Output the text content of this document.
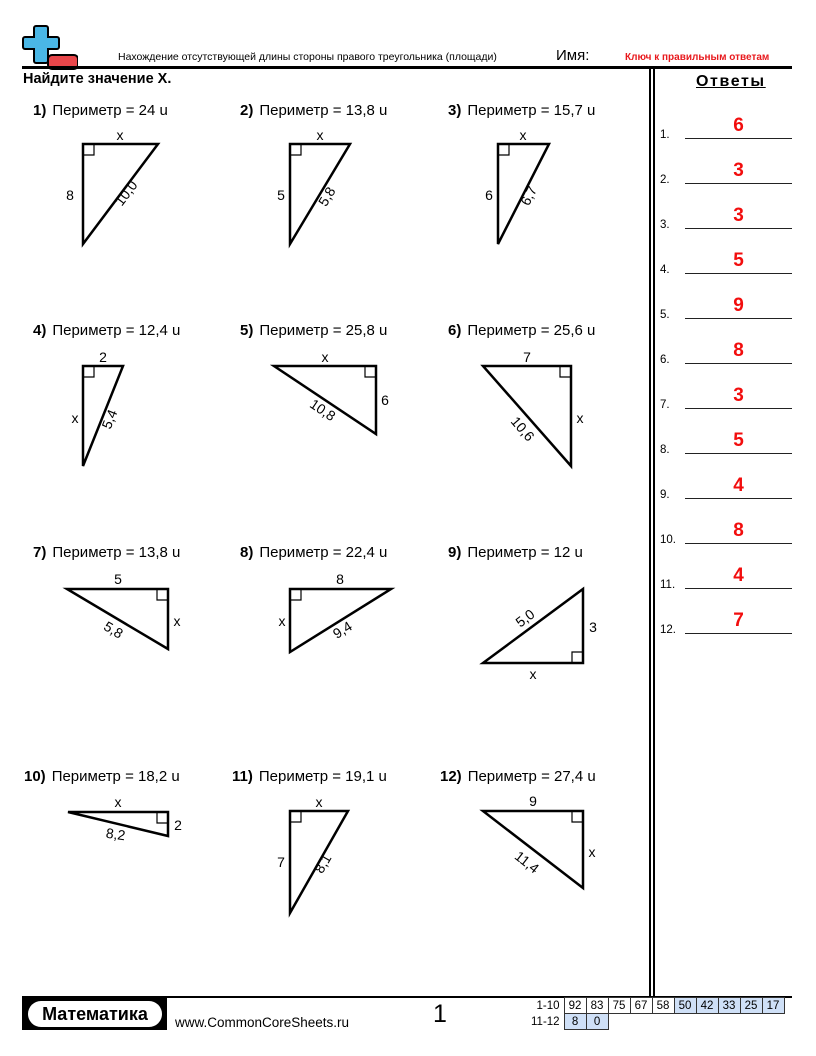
Нахождение отсутствующей длины стороны правого треугольника (площади)	Имя:	Ключ к правильным ответам
Найдите значение X.	Ответы
1) Периметр = 24 u	2) Периметр = 13,8 u	3) Периметр = 15,7 u
4) Периметр = 12,4 u	5) Периметр = 25,8 u	6) Периметр = 25,6 u
7) Периметр = 13,8 u	8) Периметр = 22,4 u	9) Периметр = 12 u
10) Периметр = 18,2 u	11) Периметр = 19,1 u	12) Периметр = 27,4 u
x
8	10,0
x
5 5,8
x
6 6,7
2
x 5,4
x
6
10,8
7
x
10,6
5
x
5,8
8
x	9,4
x
3
5,0
x
2
8,2
x
7 8,1
9
x
11,4
1.	6
2.	3
3.	3
4.	5
5.	9
6.	8
7.	3
8.	5
9.	4
10.	8
11.	4
12.	7
Математика	www.CommonCoreSheets.ru	1	1-10	92	83	75	67	58	50	42	33	25	17
11-12	8	0								
